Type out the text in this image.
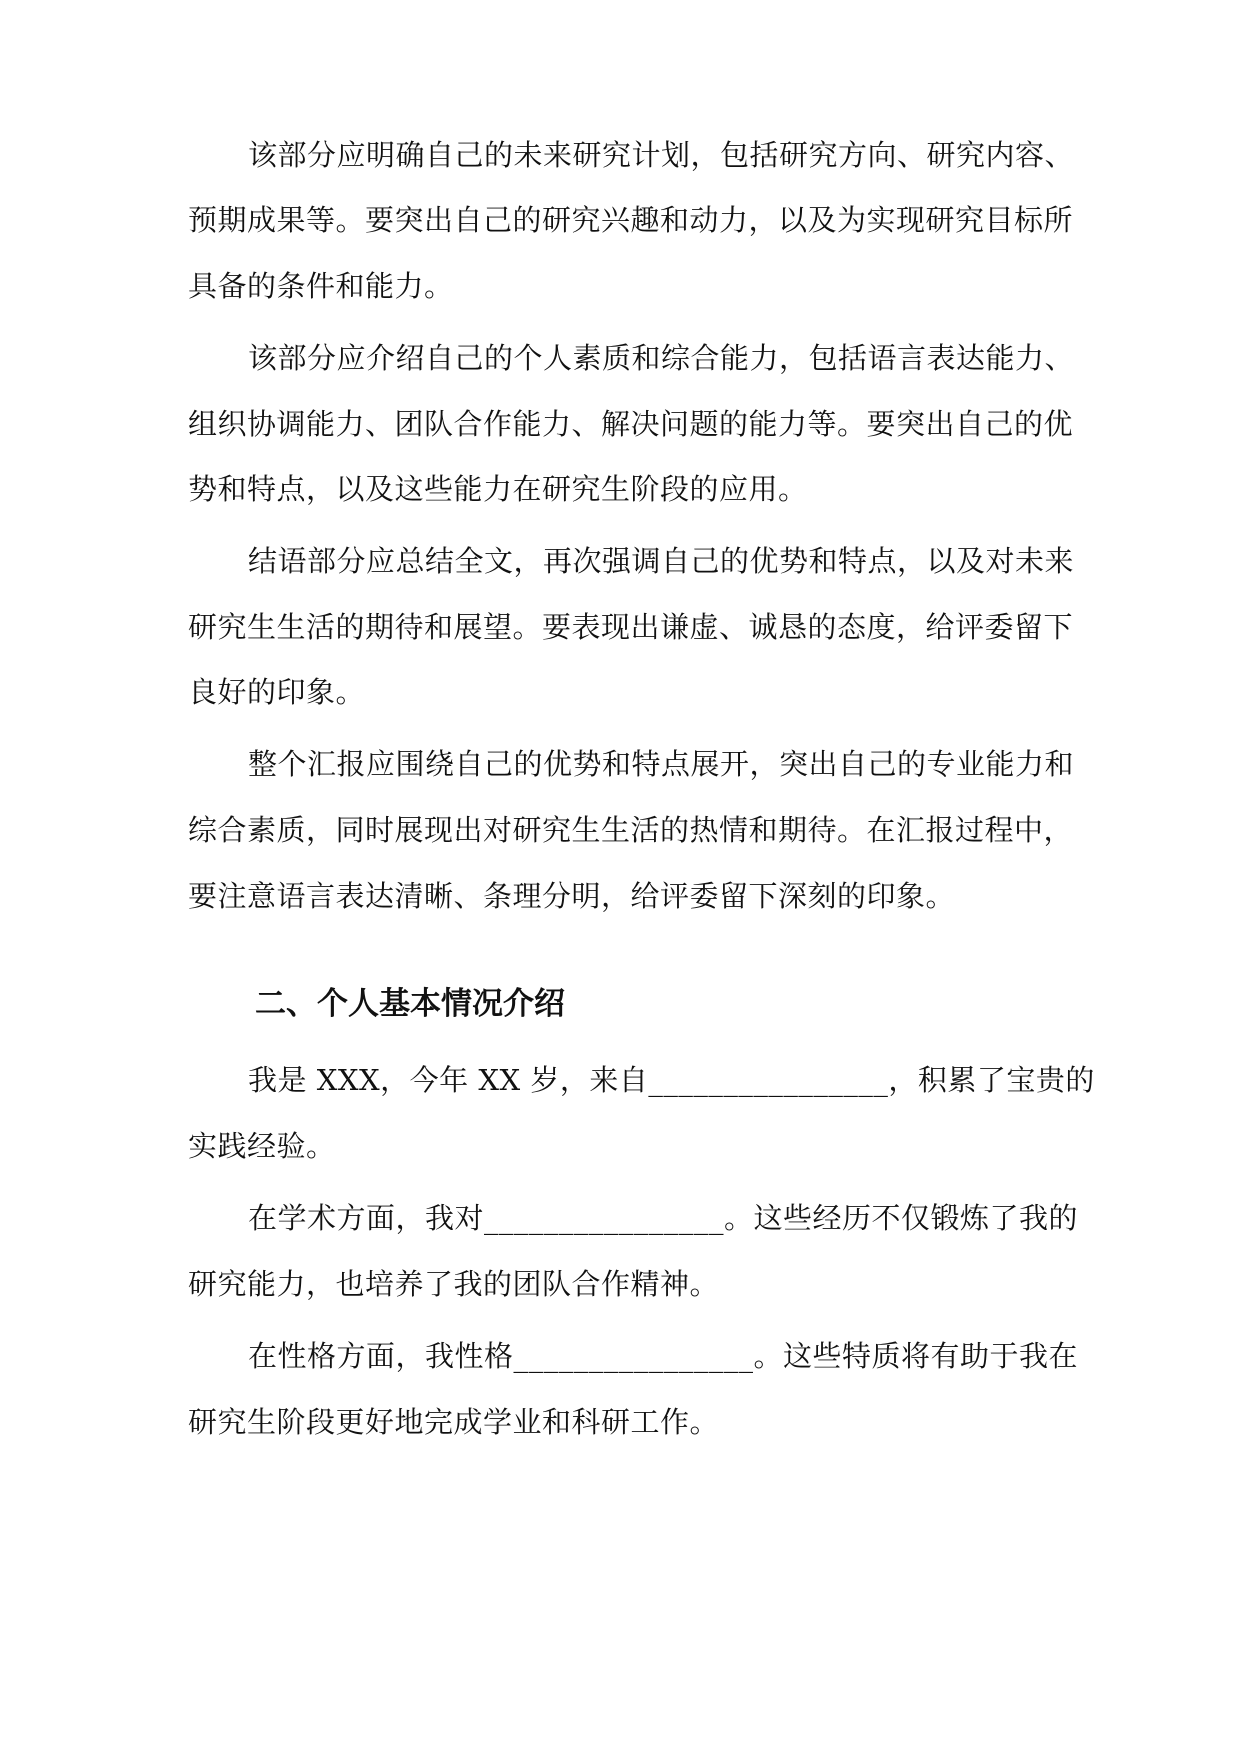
该部分应明确自己的未来研究计划，包括研究方向、研究内容、
预期成果等。要突出自己的研究兴趣和动力，以及为实现研究目标所
具备的条件和能力。
该部分应介绍自己的个人素质和综合能力，包括语言表达能力、
组织协调能力、团队合作能力、解决问题的能力等。要突出自己的优
势和特点，以及这些能力在研究生阶段的应用。
结语部分应总结全文，再次强调自己的优势和特点，以及对未来
研究生生活的期待和展望。要表现出谦虚、诚恳的态度，给评委留下
良好的印象。
整个汇报应围绕自己的优势和特点展开，突出自己的专业能力和
综合素质，同时展现出对研究生生活的热情和期待。在汇报过程中，
要注意语言表达清晰、条理分明，给评委留下深刻的印象。
二、个人基本情况介绍
我是 XXX，今年 XX 岁，来自________________，积累了宝贵的
实践经验。
在学术方面，我对________________。这些经历不仅锻炼了我的
研究能力，也培养了我的团队合作精神。
在性格方面，我性格________________。这些特质将有助于我在
研究生阶段更好地完成学业和科研工作。
